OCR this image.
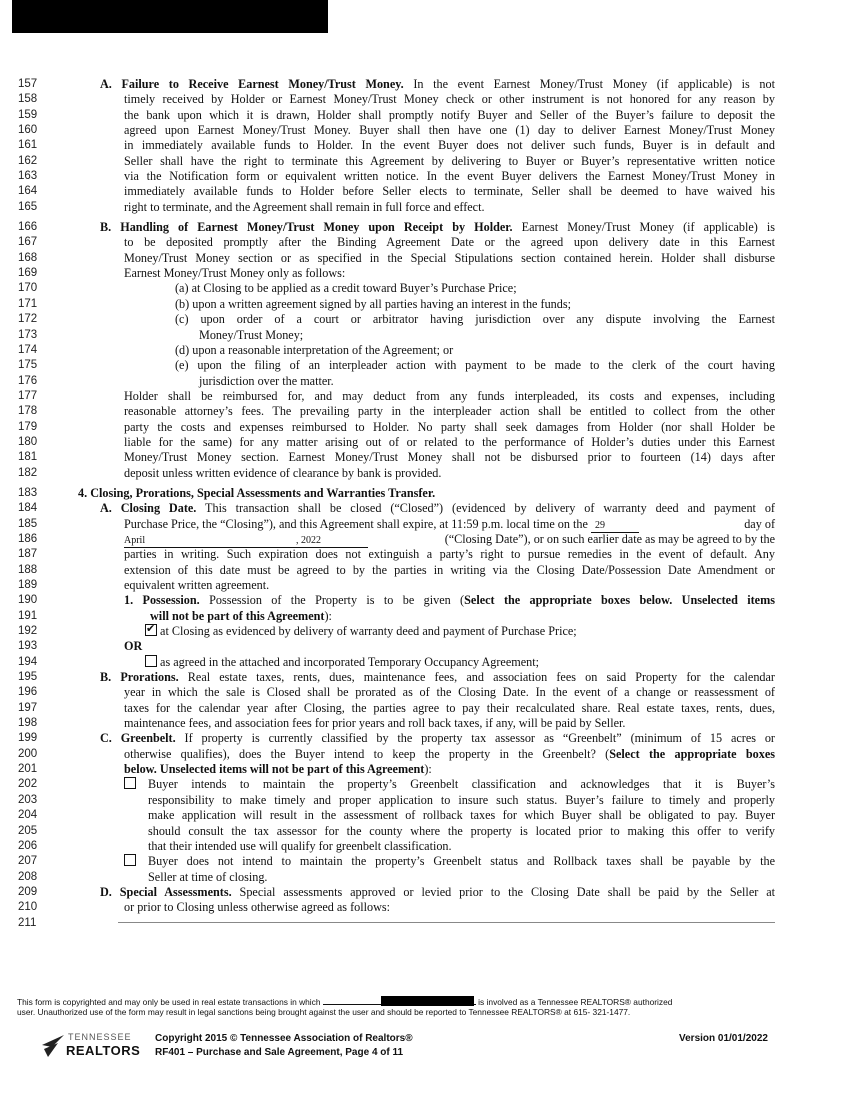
157	A. Failure to Receive Earnest Money/Trust Money. In the event Earnest Money/Trust Money (if applicable) is not
158	timely received by Holder or Earnest Money/Trust Money check or other instrument is not honored for any reason by
159	the bank upon which it is drawn, Holder shall promptly notify Buyer and Seller of the Buyer’s failure to deposit the
160	agreed upon Earnest Money/Trust Money. Buyer shall then have one (1) day to deliver Earnest Money/Trust Money
161	in immediately available funds to Holder. In the event Buyer does not deliver such funds, Buyer is in default and
162	Seller shall have the right to terminate this Agreement by delivering to Buyer or Buyer’s representative written notice
163	via the Notification form or equivalent written notice. In the event Buyer delivers the Earnest Money/Trust Money in
164	immediately available funds to Holder before Seller elects to terminate, Seller shall be deemed to have waived his
165	right to terminate, and the Agreement shall remain in full force and effect.
166	B. Handling of Earnest Money/Trust Money upon Receipt by Holder. Earnest Money/Trust Money (if applicable) is
167	to be deposited promptly after the Binding Agreement Date or the agreed upon delivery date in this Earnest
168	Money/Trust Money section or as specified in the Special Stipulations section contained herein. Holder shall disburse
169	Earnest Money/Trust Money only as follows:
170	(a) at Closing to be applied as a credit toward Buyer’s Purchase Price;
171	(b) upon a written agreement signed by all parties having an interest in the funds;
172	(c) upon order of a court or arbitrator having jurisdiction over any dispute involving the Earnest
173	Money/Trust Money;
174	(d) upon a reasonable interpretation of the Agreement; or
175	(e) upon the filing of an interpleader action with payment to be made to the clerk of the court having
176	jurisdiction over the matter.
177	Holder shall be reimbursed for, and may deduct from any funds interpleaded, its costs and expenses, including
178	reasonable attorney’s fees. The prevailing party in the interpleader action shall be entitled to collect from the other
179	party the costs and expenses reimbursed to Holder. No party shall seek damages from Holder (nor shall Holder be
180	liable for the same) for any matter arising out of or related to the performance of Holder’s duties under this Earnest
181	Money/Trust Money section. Earnest Money/Trust Money shall not be disbursed prior to fourteen (14) days after
182	deposit unless written evidence of clearance by bank is provided.
183	4. Closing, Prorations, Special Assessments and Warranties Transfer.
184	A. Closing Date. This transaction shall be closed (“Closed”) (evidenced by delivery of warranty deed and payment of
185	Purchase Price, the “Closing”), and this Agreement shall expire, at 11:59 p.m. local time on the 29	day of
186	April	, 2022	(“Closing Date”), or on such earlier date as may be agreed to by the
187	parties in writing. Such expiration does not extinguish a party’s right to pursue remedies in the event of default. Any
188	extension of this date must be agreed to by the parties in writing via the Closing Date/Possession Date Amendment or
189	equivalent written agreement.
190	1. Possession. Possession of the Property is to be given (Select the appropriate boxes below. Unselected items
191	will not be part of this Agreement):
192
✔	at Closing as evidenced by delivery of warranty deed and payment of Purchase Price;
193	OR
194	as agreed in the attached and incorporated Temporary Occupancy Agreement;
195	B. Prorations. Real estate taxes, rents, dues, maintenance fees, and association fees on said Property for the calendar
196	year in which the sale is Closed shall be prorated as of the Closing Date. In the event of a change or reassessment of
197	taxes for the calendar year after Closing, the parties agree to pay their recalculated share. Real estate taxes, rents, dues,
198	maintenance fees, and association fees for prior years and roll back taxes, if any, will be paid by Seller.
199	C. Greenbelt. If property is currently classified by the property tax assessor as “Greenbelt” (minimum of 15 acres or
200	otherwise qualifies), does the Buyer intend to keep the property in the Greenbelt? (Select the appropriate boxes
201	below. Unselected items will not be part of this Agreement):
202	Buyer intends to maintain the property’s Greenbelt classification and acknowledges that it is Buyer’s
203	responsibility to make timely and proper application to insure such status. Buyer’s failure to timely and properly
204	make application will result in the assessment of rollback taxes for which Buyer shall be obligated to pay. Buyer
205	should consult the tax assessor for the county where the property is located prior to making this offer to verify
206	that their intended use will qualify for greenbelt classification.
207	Buyer does not intend to maintain the property’s Greenbelt status and Rollback taxes shall be payable by the
208	Seller at time of closing.
209	D. Special Assessments. Special assessments approved or levied prior to the Closing Date shall be paid by the Seller at
210	or prior to Closing unless otherwise agreed as follows:
211
This form is copyrighted and may only be used in real estate transactions in which	is involved as a Tennessee REALTORS® authorized
user. Unauthorized use of the form may result in legal sanctions being brought against the user and should be reported to Tennessee REALTORS® at 615- 321-1477.
TENNESSEE
REALTORS
Copyright 2015 © Tennessee Association of Realtors®
RF401 – Purchase and Sale Agreement, Page 4 of 11
Version 01/01/2022
